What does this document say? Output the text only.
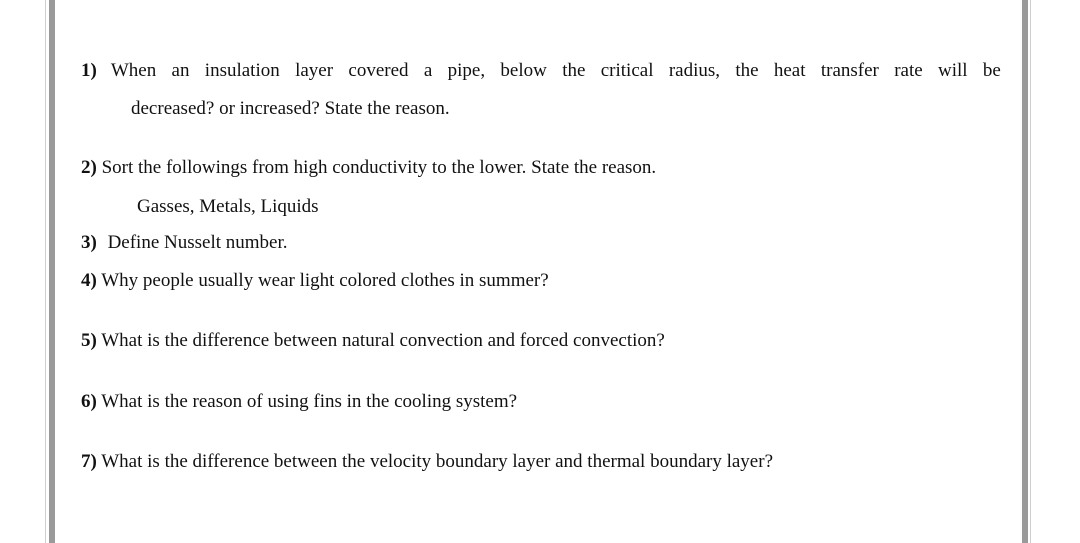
1) When an insulation layer covered a pipe, below the critical radius, the heat transfer rate will be
decreased? or increased? State the reason.
2) Sort the followings from high conductivity to the lower. State the reason.
Gasses, Metals, Liquids
3) Define Nusselt number.
4) Why people usually wear light colored clothes in summer?
5) What is the difference between natural convection and forced convection?
6) What is the reason of using fins in the cooling system?
7) What is the difference between the velocity boundary layer and thermal boundary layer?
